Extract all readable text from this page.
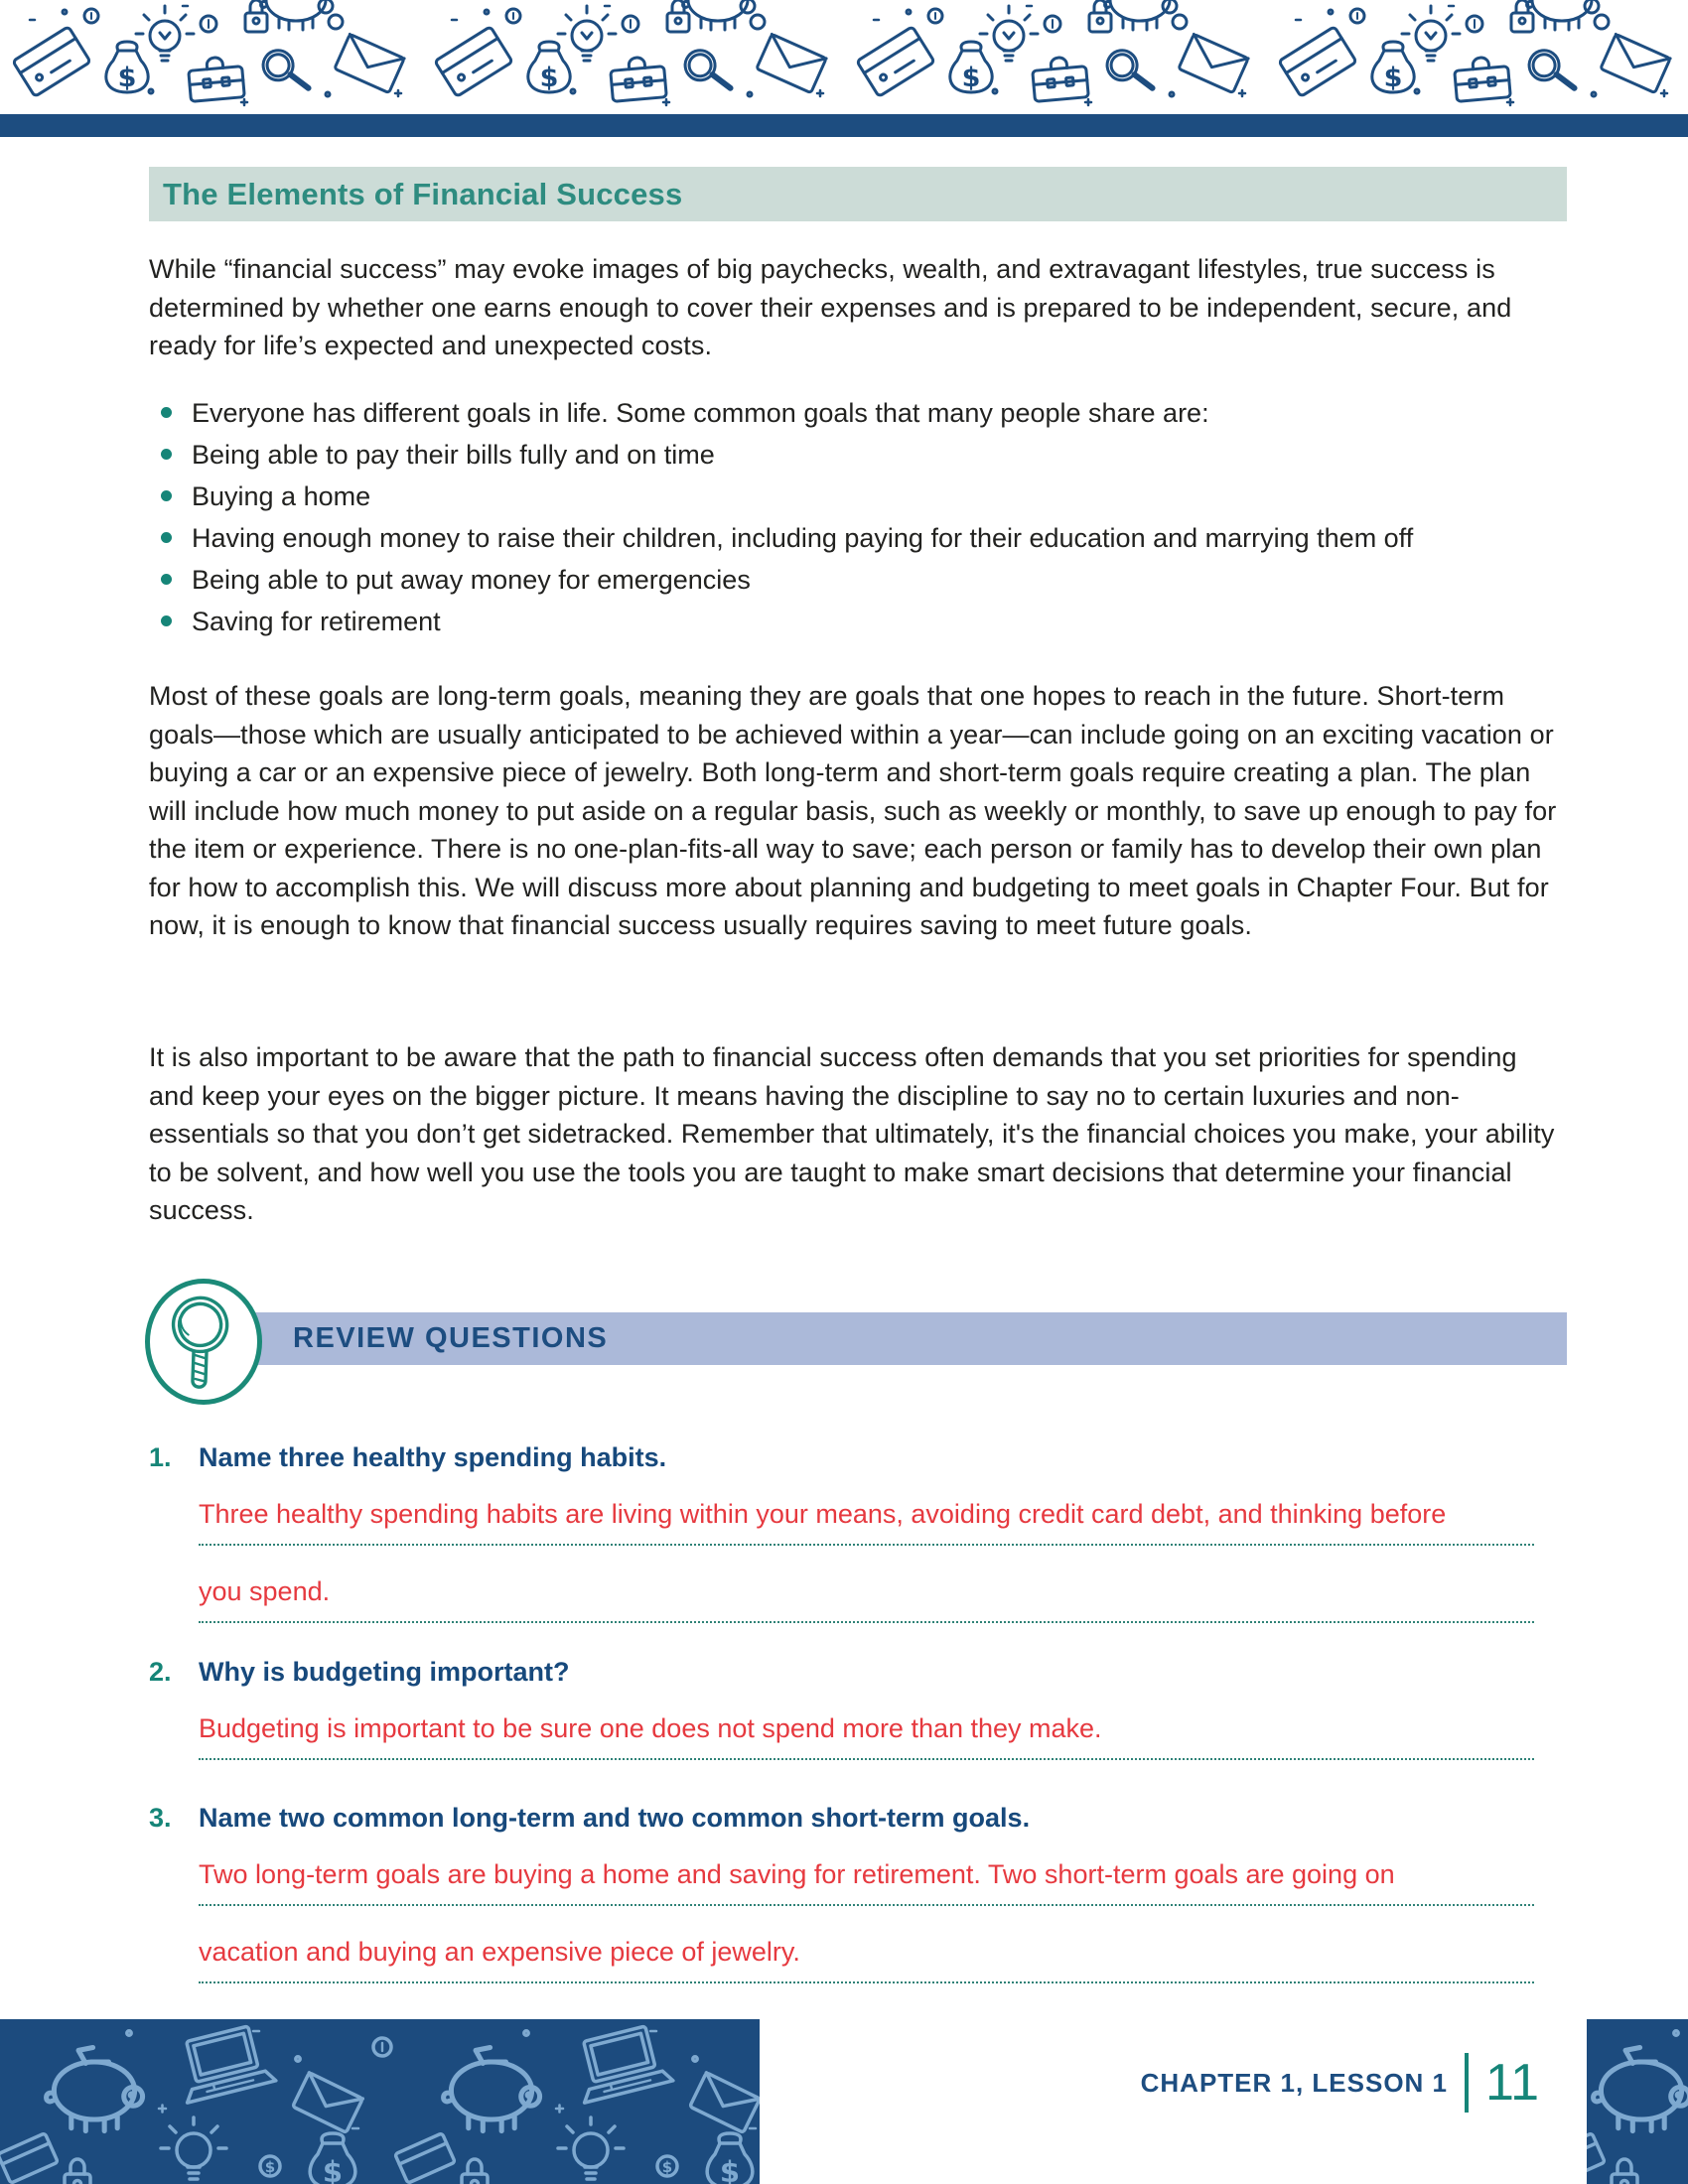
The Elements of Financial Success

While “financial success” may evoke images of big paychecks, wealth, and extravagant lifestyles, true success is determined by whether one earns enough to cover their expenses and is prepared to be independent, secure, and ready for life’s expected and unexpected costs.

Everyone has different goals in life. Some common goals that many people share are:
Being able to pay their bills fully and on time
Buying a home
Having enough money to raise their children, including paying for their education and marrying them off
Being able to put away money for emergencies
Saving for retirement

Most of these goals are long-term goals, meaning they are goals that one hopes to reach in the future. Short-term goals—those which are usually anticipated to be achieved within a year—can include going on an exciting vacation or buying a car or an expensive piece of jewelry. Both long-term and short-term goals require creating a plan. The plan will include how much money to put aside on a regular basis, such as weekly or monthly, to save up enough to pay for the item or experience. There is no one-plan-fits-all way to save; each person or family has to develop their own plan for how to accomplish this. We will discuss more about planning and budgeting to meet goals in Chapter Four. But for now, it is enough to know that financial success usually requires saving to meet future goals.

It is also important to be aware that the path to financial success often demands that you set priorities for spending and keep your eyes on the bigger picture. It means having the discipline to say no to certain luxuries and non-essentials so that you don’t get sidetracked. Remember that ultimately, it's the financial choices you make, your ability to be solvent, and how well you use the tools you are taught to make smart decisions that determine your financial success.

REVIEW QUESTIONS
1.	Name three healthy spending habits.
Three healthy spending habits are living within your means, avoiding credit card debt, and thinking before
you spend.
2.	Why is budgeting important?
Budgeting is important to be sure one does not spend more than they make.
3.	Name two common long-term and two common short-term goals.
Two long-term goals are buying a home and saving for retirement. Two short-term goals are going on
vacation and buying an expensive piece of jewelry.
CHAPTER 1, LESSON 1 11
